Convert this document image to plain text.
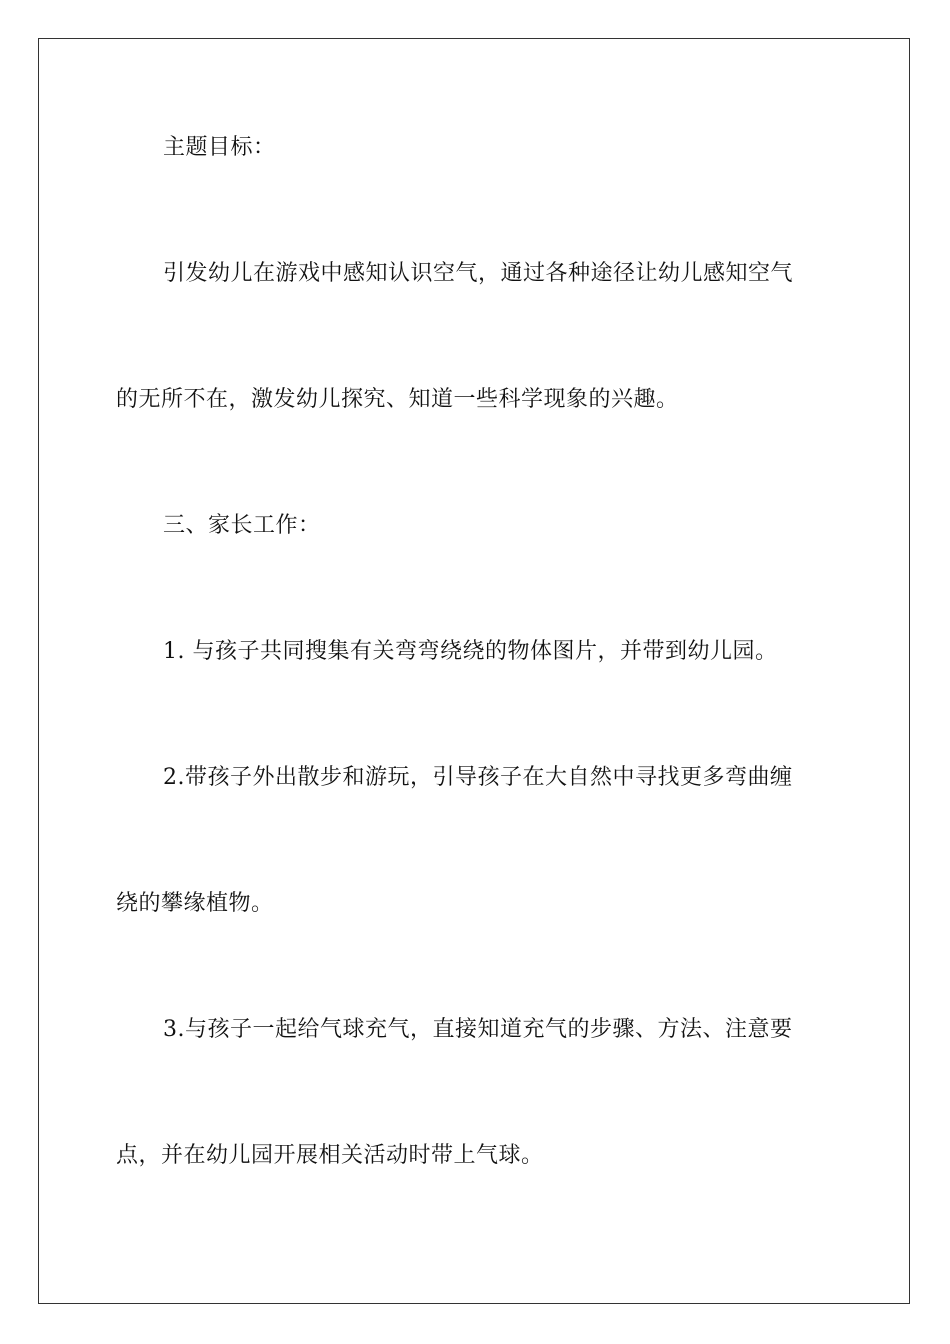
主题目标：
引发幼儿在游戏中感知认识空气，通过各种途径让幼儿感知空气
的无所不在，激发幼儿探究、知道一些科学现象的兴趣。
三、家长工作：
1. 与孩子共同搜集有关弯弯绕绕的物体图片，并带到幼儿园。
2.带孩子外出散步和游玩，引导孩子在大自然中寻找更多弯曲缠
绕的攀缘植物。
3.与孩子一起给气球充气，直接知道充气的步骤、方法、注意要
点，并在幼儿园开展相关活动时带上气球。
